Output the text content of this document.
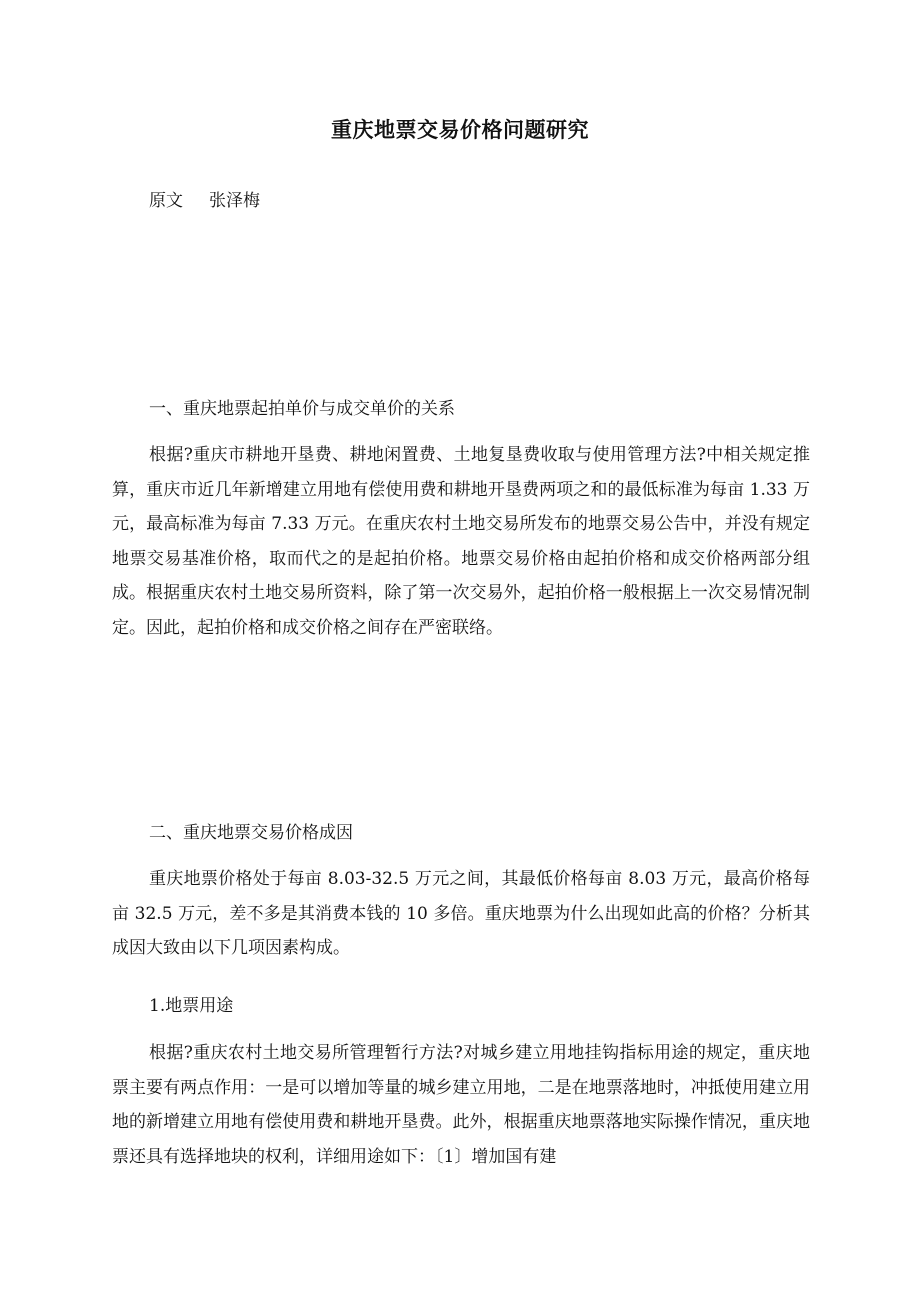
重庆地票交易价格问题研究
原文 张泽梅
一、重庆地票起拍单价与成交单价的关系

根据?重庆市耕地开垦费、耕地闲置费、土地复垦费收取与使用管理方法?中相关规定推算，重庆市近几年新增建立用地有偿使用费和耕地开垦费两项之和的最低标准为每亩 1.33 万元，最高标准为每亩 7.33 万元。在重庆农村土地交易所发布的地票交易公告中，并没有规定地票交易基准价格，取而代之的是起拍价格。地票交易价格由起拍价格和成交价格两部分组成。根据重庆农村土地交易所资料，除了第一次交易外，起拍价格一般根据上一次交易情况制定。因此，起拍价格和成交价格之间存在严密联络。

二、重庆地票交易价格成因

重庆地票价格处于每亩 8.03-32.5 万元之间，其最低价格每亩 8.03 万元，最高价格每亩 32.5 万元，差不多是其消费本钱的 10 多倍。重庆地票为什么出现如此高的价格？分析其成因大致由以下几项因素构成。

1.地票用途

根据?重庆农村土地交易所管理暂行方法?对城乡建立用地挂钩指标用途的规定，重庆地票主要有两点作用：一是可以增加等量的城乡建立用地，二是在地票落地时，冲抵使用建立用地的新增建立用地有偿使用费和耕地开垦费。此外，根据重庆地票落地实际操作情况，重庆地票还具有选择地块的权利，详细用途如下：〔1〕增加国有建
